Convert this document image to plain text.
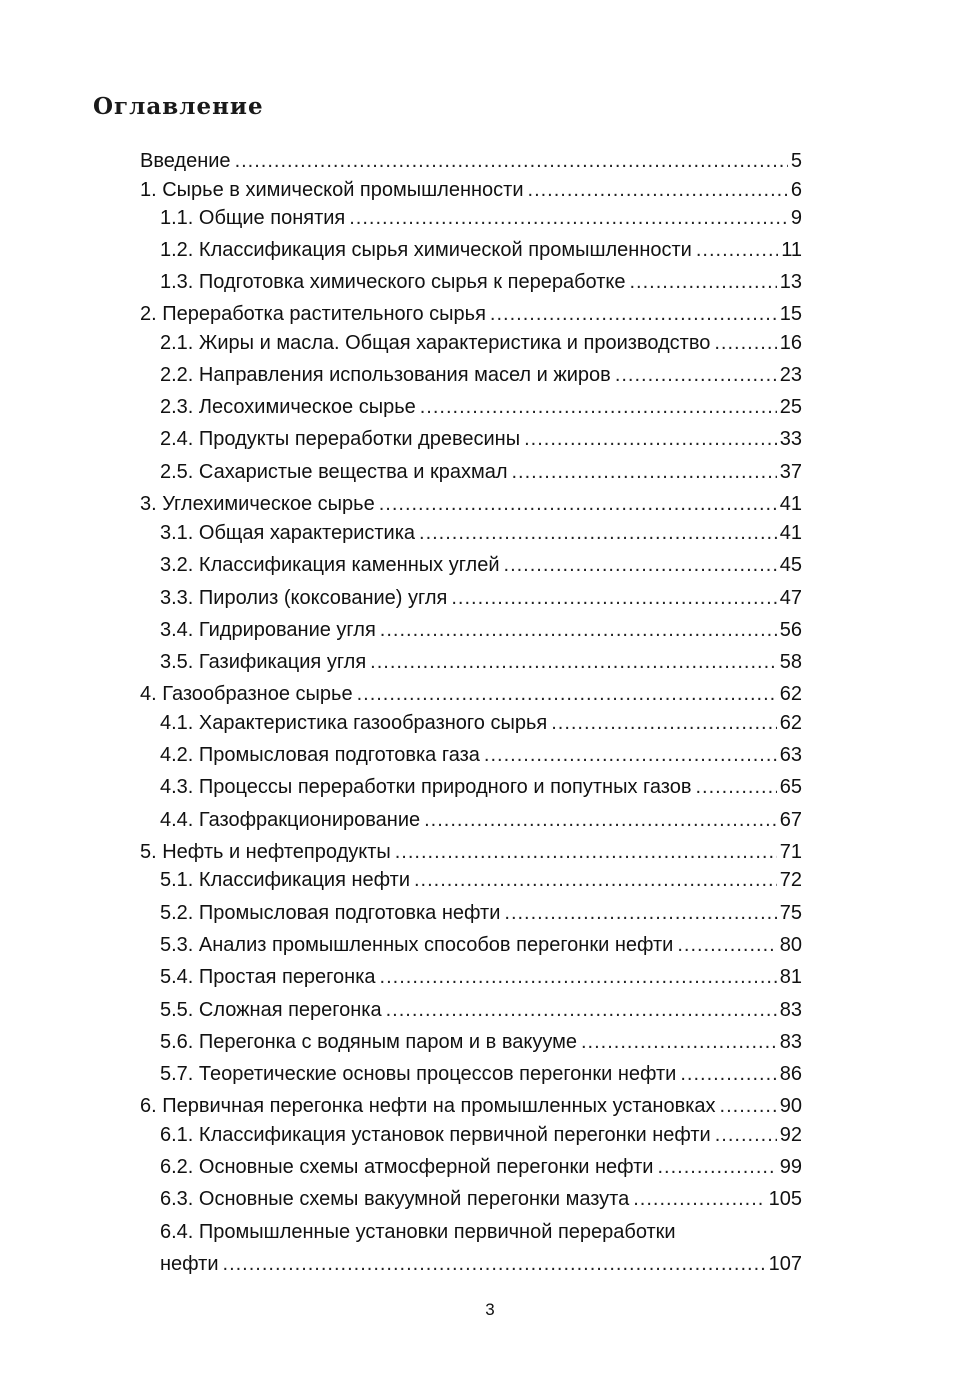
Оглавление
Введение .....	5
1. Сырье в химической промышленности .....	6
1.1. Общие понятия .....	9
1.2. Классификация сырья химической промышленности .....	11
1.3. Подготовка химического сырья к переработке .....	13
2. Переработка растительного сырья .....	15
2.1. Жиры и масла. Общая характеристика и производство .....	16
2.2. Направления использования масел и жиров .....	23
2.3. Лесохимическое сырье .....	25
2.4. Продукты переработки древесины .....	33
2.5. Сахаристые вещества и крахмал .....	37
3. Углехимическое сырье .....	41
3.1. Общая характеристика .....	41
3.2. Классификация каменных углей .....	45
3.3. Пиролиз (коксование) угля .....	47
3.4. Гидрирование угля .....	56
3.5. Газификация угля .....	58
4. Газообразное сырье .....	62
4.1. Характеристика газообразного сырья .....	62
4.2. Промысловая подготовка газа .....	63
4.3. Процессы переработки природного и попутных газов .....	65
4.4. Газофракционирование .....	67
5. Нефть и нефтепродукты .....	71
5.1. Классификация нефти .....	72
5.2. Промысловая подготовка нефти .....	75
5.3. Анализ промышленных способов перегонки нефти .....	80
5.4. Простая перегонка .....	81
5.5. Сложная перегонка .....	83
5.6. Перегонка с водяным паром и в вакууме .....	83
5.7. Теоретические основы процессов перегонки нефти .....	86
6. Первичная перегонка нефти на промышленных установках .....	90
6.1. Классификация установок первичной перегонки нефти .....	92
6.2. Основные схемы атмосферной перегонки нефти .....	99
6.3. Основные схемы вакуумной перегонки мазута .....	105
6.4. Промышленные установки первичной переработки
нефти .....	107
3
